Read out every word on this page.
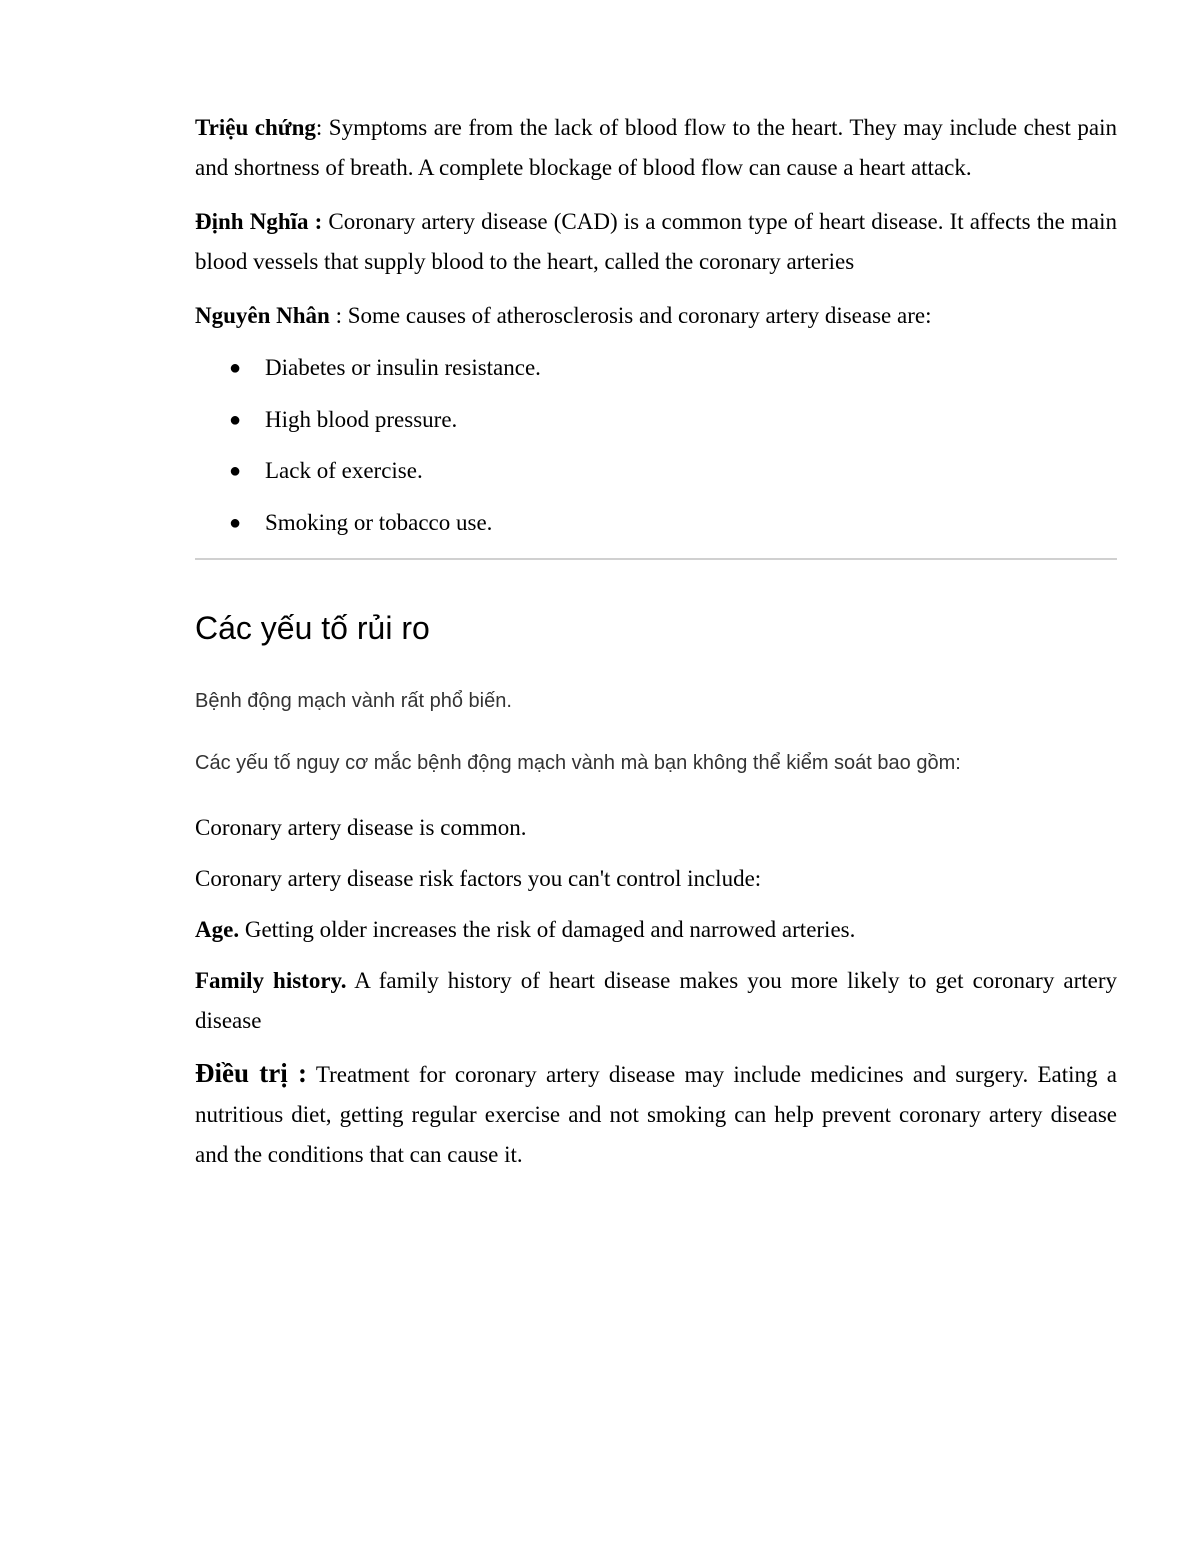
Triệu chứng: Symptoms are from the lack of blood flow to the heart. They may include chest pain and shortness of breath. A complete blockage of blood flow can cause a heart attack.

Định Nghĩa : Coronary artery disease (CAD) is a common type of heart disease. It affects the main blood vessels that supply blood to the heart, called the coronary arteries

Nguyên Nhân : Some causes of atherosclerosis and coronary artery disease are:

● Diabetes or insulin resistance.
● High blood pressure.
● Lack of exercise.
● Smoking or tobacco use.
Các yếu tố rủi ro

Bệnh động mạch vành rất phổ biến.

Các yếu tố nguy cơ mắc bệnh động mạch vành mà bạn không thể kiểm soát bao gồm:

Coronary artery disease is common.

Coronary artery disease risk factors you can't control include:

Age. Getting older increases the risk of damaged and narrowed arteries.

Family history. A family history of heart disease makes you more likely to get coronary artery disease

Điều trị : Treatment for coronary artery disease may include medicines and surgery. Eating a nutritious diet, getting regular exercise and not smoking can help prevent coronary artery disease and the conditions that can cause it.
